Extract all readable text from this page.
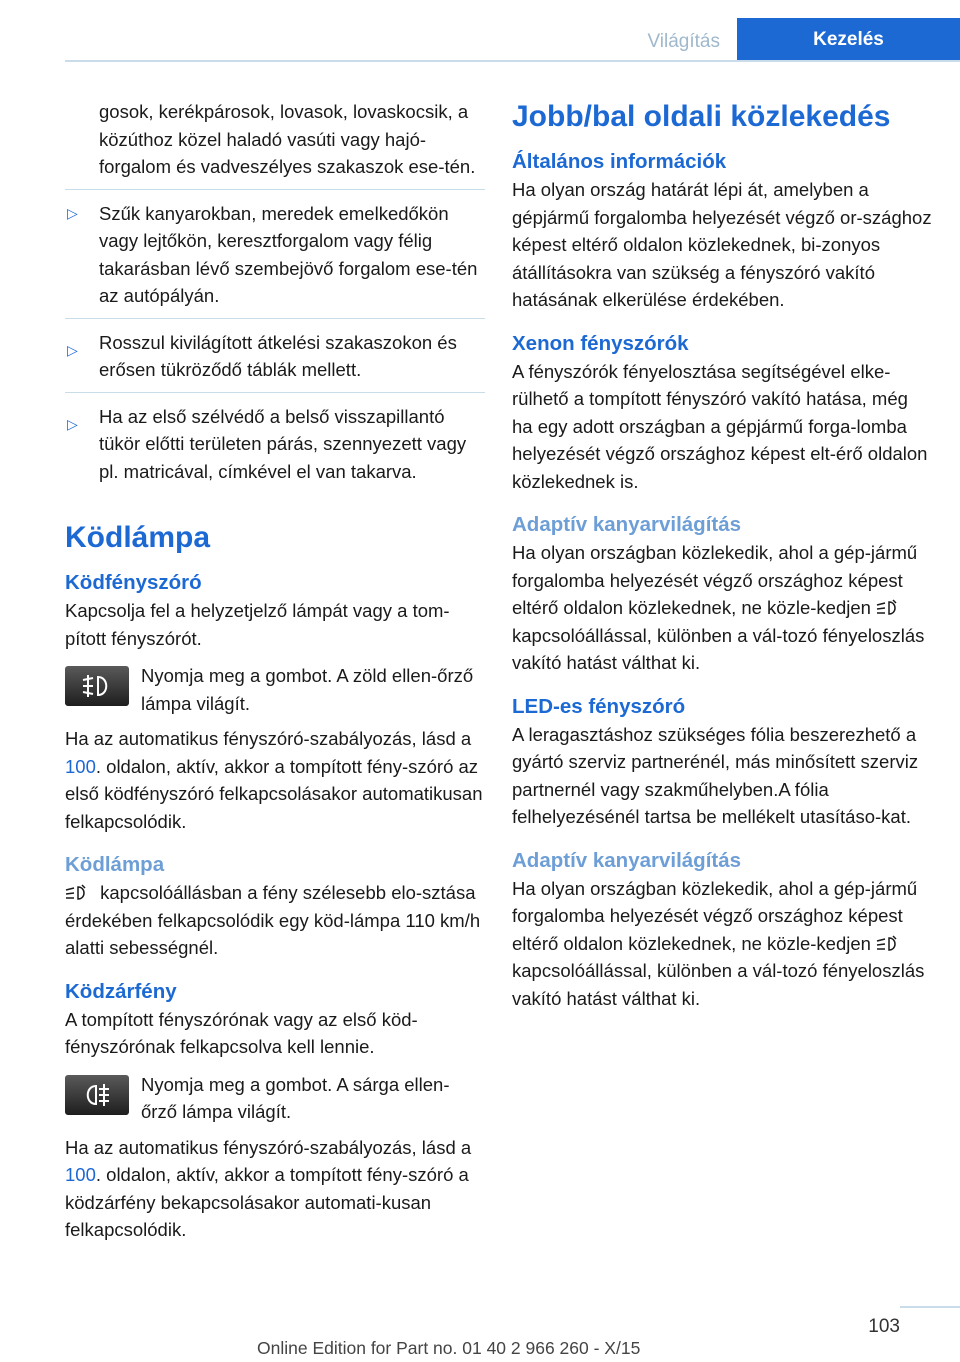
Világítás	Kezelés

gosok, kerékpárosok, lovasok, lovaskocsik, a közúthoz közel haladó vasúti vagy hajó-forgalom és vadveszélyes szakaszok ese-tén.

▷ Szűk kanyarokban, meredek emelkedőkön vagy lejtőkön, keresztforgalom vagy félig takarásban lévő szembejövő forgalom ese-tén az autópályán.
▷ Rosszul kivilágított átkelési szakaszokon és erősen tükröződő táblák mellett.
▷ Ha az első szélvédő a belső visszapillantó tükör előtti területen párás, szennyezett vagy pl. matricával, címkével el van takarva.
Ködlámpa
Ködfényszóró

Kapcsolja fel a helyzetjelző lámpát vagy a tom-pított fényszórót.

Nyomja meg a gombot. A zöld ellen-őrző lámpa világít.

Ha az automatikus fényszóró-szabályozás, lásd a 100. oldalon, aktív, akkor a tompított fény-szóró az első ködfényszóró felkapcsolásakor automatikusan felkapcsolódik.

Ködlámpa

kapcsolóállásban a fény szélesebb elo-sztása érdekében felkapcsolódik egy köd-lámpa 110 km/h alatti sebességnél.

Ködzárfény

A tompított fényszórónak vagy az első köd-fényszórónak felkapcsolva kell lennie.

Nyomja meg a gombot. A sárga ellen-őrző lámpa világít.

Ha az automatikus fényszóró-szabályozás, lásd a 100. oldalon, aktív, akkor a tompított fény-szóró a ködzárfény bekapcsolásakor automati-kusan felkapcsolódik.

Jobb/bal oldali közlekedés
Általános információk

Ha olyan ország határát lépi át, amelyben a gépjármű forgalomba helyezését végző or-szághoz képest eltérő oldalon közlekednek, bi-zonyos átállításokra van szükség a fényszóró vakító hatásának elkerülése érdekében.

Xenon fényszórók

A fényszórók fényelosztása segítségével elke-rülhető a tompított fényszóró vakító hatása, még ha egy adott országban a gépjármű forga-lomba helyezését végző országhoz képest elt-érő oldalon közlekednek is.

Adaptív kanyarvilágítás

Ha olyan országban közlekedik, ahol a gép-jármű forgalomba helyezését végző országhoz képest eltérő oldalon közlekednek, ne közle-kedjen kapcsolóállással, különben a vál-tozó fényeloszlás vakító hatást válthat ki.

LED-es fényszóró

A leragasztáshoz szükséges fólia beszerezhető a gyártó szerviz partnerénél, más minősített szerviz partnernél vagy szakműhelyben.A fólia felhelyezésénél tartsa be mellékelt utasításo-kat.

Adaptív kanyarvilágítás

Ha olyan országban közlekedik, ahol a gép-jármű forgalomba helyezését végző országhoz képest eltérő oldalon közlekednek, ne közle-kedjen kapcsolóállással, különben a vál-tozó fényeloszlás vakító hatást válthat ki.

103
Online Edition for Part no. 01 40 2 966 260 - X/15
